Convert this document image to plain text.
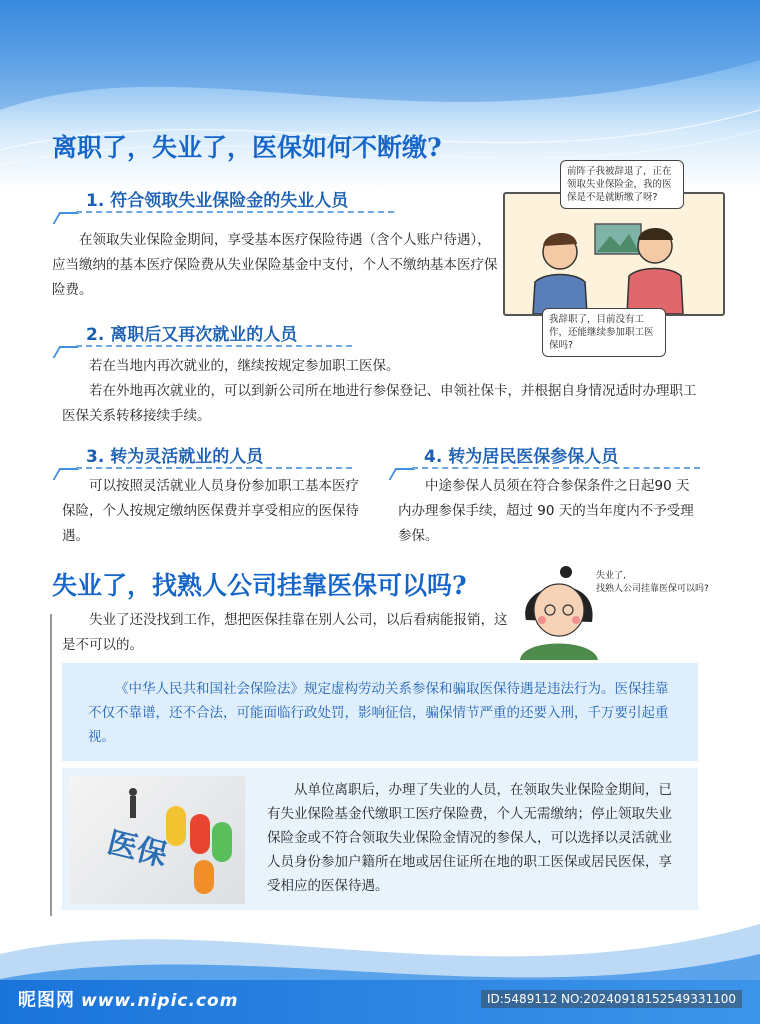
离职了，失业了，医保如何不断缴?
1. 符合领取失业保险金的失业人员

在领取失业保险金期间，享受基本医疗保险待遇（含个人账户待遇），应当缴纳的基本医疗保险费从失业保险基金中支付，个人不缴纳基本医疗保险费。

前阵子我被辞退了，正在领取失业保险金，我的医保是不是就断缴了呀?
我辞职了，目前没有工作，还能继续参加职工医保吗?
2. 离职后又再次就业的人员

若在当地内再次就业的，继续按规定参加职工医保。

若在外地再次就业的，可以到新公司所在地进行参保登记、申领社保卡，并根据自身情况适时办理职工医保关系转移接续手续。

3. 转为灵活就业的人员

可以按照灵活就业人员身份参加职工基本医疗保险，个人按规定缴纳医保费并享受相应的医保待遇。

4. 转为居民医保参保人员

中途参保人员须在符合参保条件之日起90 天内办理参保手续，超过 90 天的当年度内不予受理参保。

失业了，找熟人公司挂靠医保可以吗?	失业了,
找熟人公司挂靠医保可以吗?

失业了还没找到工作，想把医保挂靠在别人公司，以后看病能报销，这是不可以的。

《中华人民共和国社会保险法》规定虚构劳动关系参保和骗取医保待遇是违法行为。医保挂靠不仅不靠谱，还不合法，可能面临行政处罚，影响征信，骗保情节严重的还要入刑，千万要引起重视。

从单位离职后，办理了失业的人员，在领取失业保险金期间，已有失业保险基金代缴职工医疗保险费，个人无需缴纳；停止领取失业保险金或不符合领取失业保险金情况的参保人，可以选择以灵活就业人员身份参加户籍所在地或居住证所在地的职工医保或居民医保，享受相应的医保待遇。

医保
昵图网 www.nipic.com	ID:5489112 NO:20240918152549331100
